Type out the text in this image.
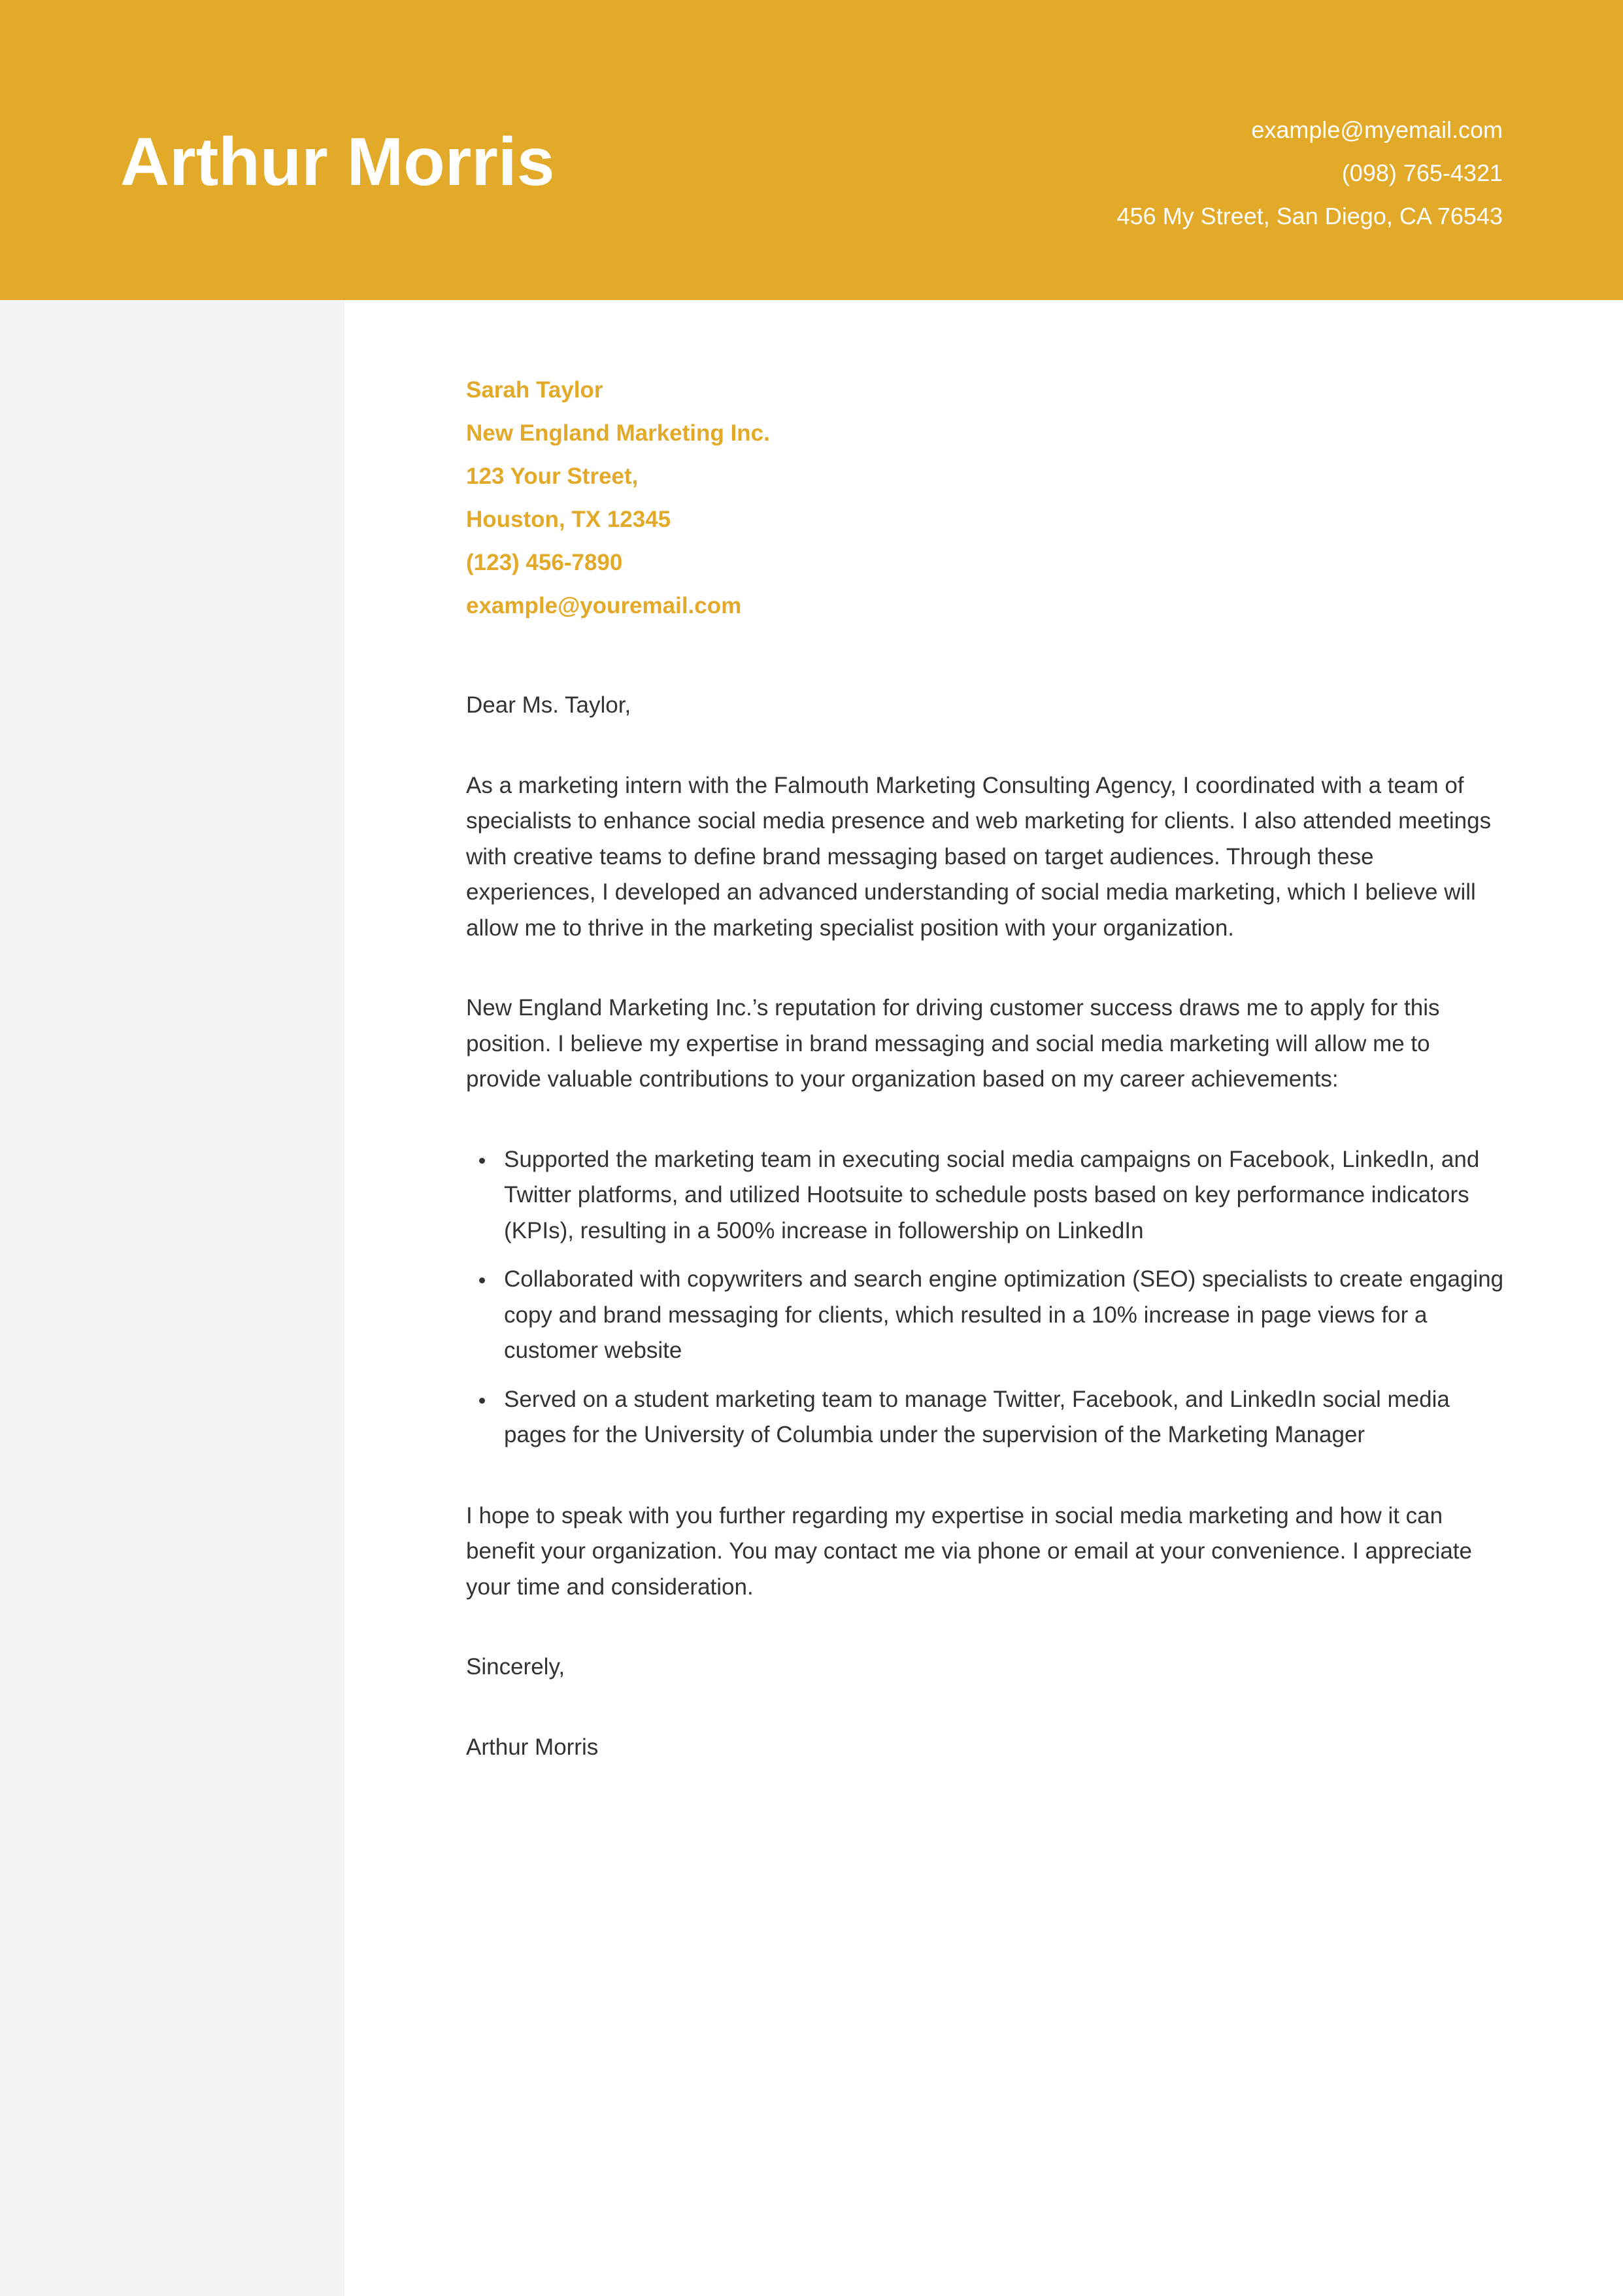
Arthur Morris	example@myemail.com
(098) 765-4321
456 My Street, San Diego, CA 76543
Sarah Taylor
New England Marketing Inc.
123 Your Street,
Houston, TX 12345
(123) 456-7890
example@youremail.com
Dear Ms. Taylor,

As a marketing intern with the Falmouth Marketing Consulting Agency, I coordinated with a team of specialists to enhance social media presence and web marketing for clients. I also attended meetings with creative teams to define brand messaging based on target audiences. Through these experiences, I developed an advanced understanding of social media marketing, which I believe will allow me to thrive in the marketing specialist position with your organization.

New England Marketing Inc.’s reputation for driving customer success draws me to apply for this position. I believe my expertise in brand messaging and social media marketing will allow me to provide valuable contributions to your organization based on my career achievements:

Supported the marketing team in executing social media campaigns on Facebook, LinkedIn, and Twitter platforms, and utilized Hootsuite to schedule posts based on key performance indicators (KPIs), resulting in a 500% increase in followership on LinkedIn
Collaborated with copywriters and search engine optimization (SEO) specialists to create engaging copy and brand messaging for clients, which resulted in a 10% increase in page views for a customer website
Served on a student marketing team to manage Twitter, Facebook, and LinkedIn social media pages for the University of Columbia under the supervision of the Marketing Manager

I hope to speak with you further regarding my expertise in social media marketing and how it can benefit your organization. You may contact me via phone or email at your convenience. I appreciate your time and consideration.

Sincerely,
Arthur Morris
